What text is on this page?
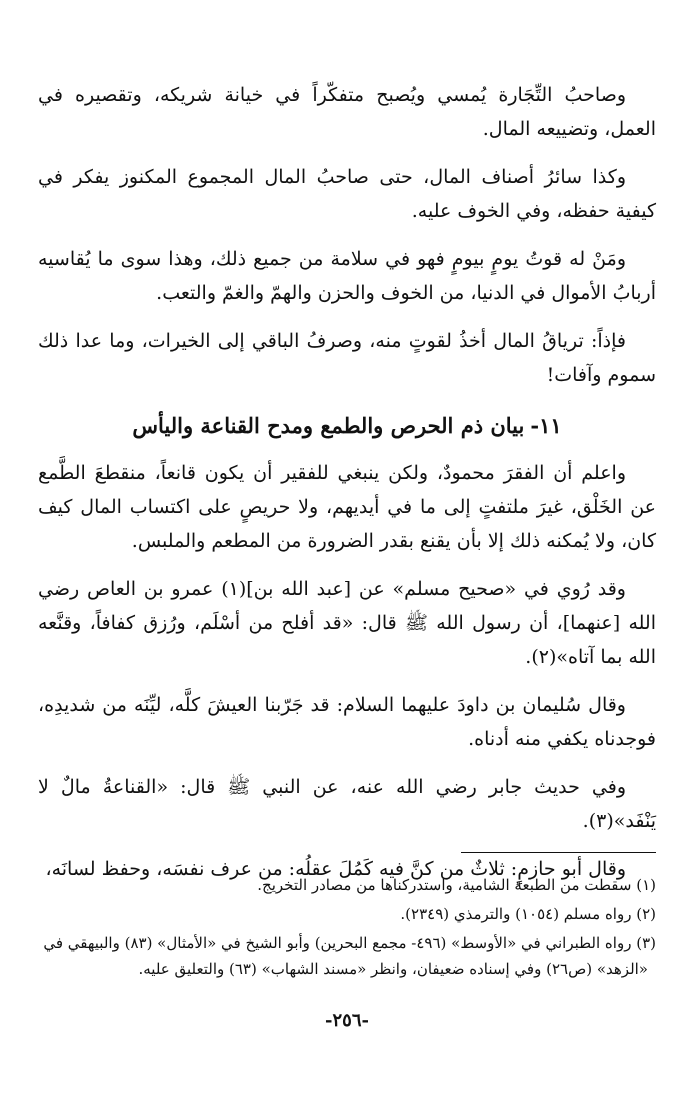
وصاحبُ التِّجَارة يُمسي ويُصبح متفكّراً في خيانة شريكه، وتقصيره في العمل، وتضييعه المال.

وكذا سائرُ أصناف المال، حتى صاحبُ المال المجموع المكنوز يفكر في كيفية حفظه، وفي الخوف عليه.

ومَنْ له قوتُ يومٍ بيومٍ فهو في سلامة من جميع ذلك، وهذا سوى ما يُقاسيه أربابُ الأموال في الدنيا، من الخوف والحزن والهمّ والغمّ والتعب.

فإذاً: ترياقُ المال أخذُ لقوتٍ منه، وصرفُ الباقي إلى الخيرات، وما عدا ذلك سموم وآفات!

١١-بيان ذم الحرص والطمع ومدح القناعة واليأس

واعلم أن الفقرَ محمودٌ، ولكن ينبغي للفقير أن يكون قانعاً، منقطعَ الطَّمع عن الخَلْق، غيرَ ملتفتٍ إلى ما في أيديهم، ولا حريصٍ على اكتساب المال كيف كان، ولا يُمكنه ذلك إلا بأن يقنع بقدر الضرورة من المطعم والملبس.

وقد رُوي في «صحيح مسلم» عن [عبد الله بن](١) عمرو بن العاص رضي الله [عنهما]، أن رسول الله ﷺ قال: «قد أفلح من أسْلَم، ورُزق كفافاً، وقنَّعه الله بما آتاه»(٢).

وقال سُليمان بن داودَ عليهما السلام: قد جَرّبنا العيشَ كلَّه، ليِّنَه من شديدِه، فوجدناه يكفي منه أدناه.

وفي حديث جابر رضي الله عنه، عن النبي ﷺ قال: «القناعةُ مالٌ لا يَنْفَد»(٣).

وقال أبو حازمٍ: ثلاثٌ من كنَّ فيه كَمُلَ عقلُه: من عرف نفسَه، وحفظ لسانَه،

(١) سقطت من الطبعة الشامية، واستدركناها من مصادر التخريج.

(٢) رواه مسلم (١٠٥٤) والترمذي (٢٣٤٩).

(٣) رواه الطبراني في «الأوسط» (٤٩٦- مجمع البحرين) وأبو الشيخ في «الأمثال» (٨٣) والبيهقي في
«الزهد» (ص٢٦) وفي إسناده ضعيفان، وانظر «مسند الشهاب» (٦٣) والتعليق عليه.

-٢٥٦-
